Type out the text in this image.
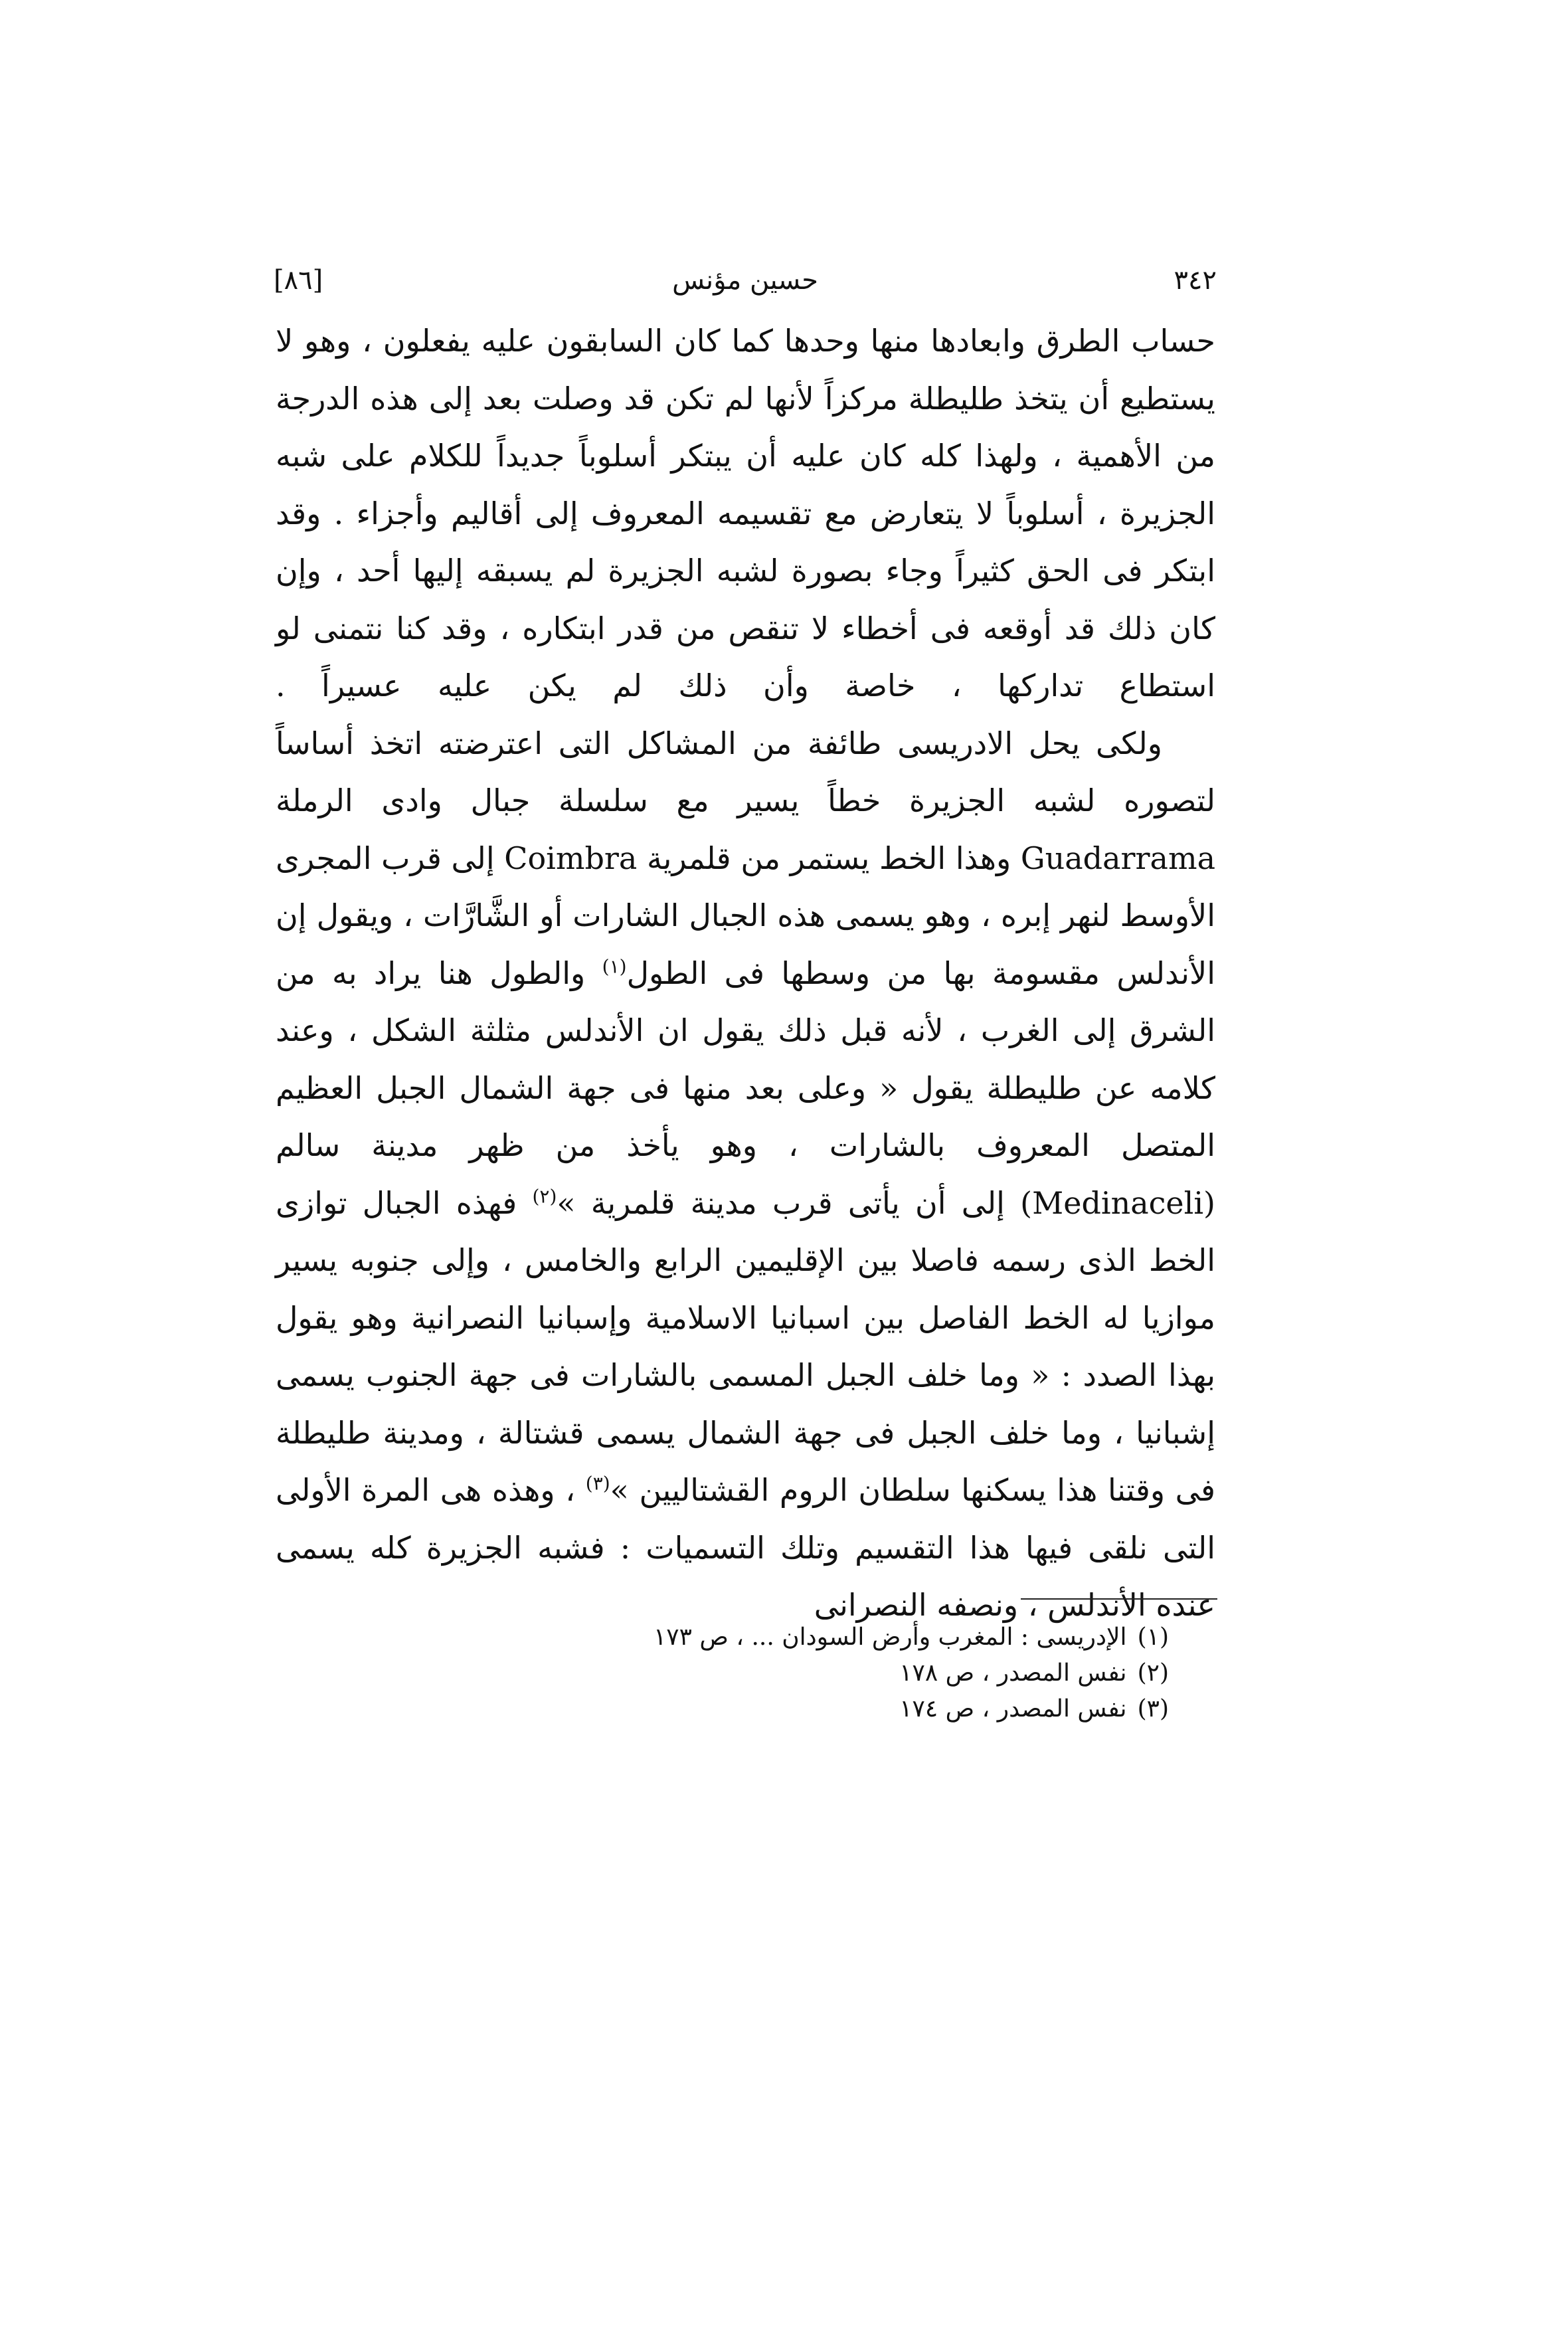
[٨٦]	حسين مؤنس	٣٤٢

حساب الطرق وابعادها منها وحدها كما كان السابقون عليه يفعلون ، وهو لا يستطيع أن يتخذ طليطلة مركزاً لأنها لم تكن قد وصلت بعد إلى هذه الدرجة من الأهمية ، ولهذا كله كان عليه أن يبتكر أسلوباً جديداً للكلام على شبه الجزيرة ، أسلوباً لا يتعارض مع تقسيمه المعروف إلى أقاليم وأجزاء . وقد ابتكر فى الحق كثيراً وجاء بصورة لشبه الجزيرة لم يسبقه إليها أحد ، وإن كان ذلك قد أوقعه فى أخطاء لا تنقص من قدر ابتكاره ، وقد كنا نتمنى لو استطاع تداركها ، خاصة وأن ذلك لم يكن عليه عسيراً .

ولكى يحل الادريسى طائفة من المشاكل التى اعترضته اتخذ أساساً لتصوره لشبه الجزيرة خطاً يسير مع سلسلة جبال وادى الرملة Guadarrama وهذا الخط يستمر من قلمرية Coimbra إلى قرب المجرى الأوسط لنهر إبره ، وهو يسمى هذه الجبال الشارات أو الشَّارَّات ، ويقول إن الأندلس مقسومة بها من وسطها فى الطول$^{(١)}$ والطول هنا يراد به من الشرق إلى الغرب ، لأنه قبل ذلك يقول ان الأندلس مثلثة الشكل ، وعند كلامه عن طليطلة يقول « وعلى بعد منها فى جهة الشمال الجبل العظيم المتصل المعروف بالشارات ، وهو يأخذ من ظهر مدينة سالم (Medinaceli) إلى أن يأتى قرب مدينة قلمرية »$^{(٢)}$ فهذه الجبال توازى الخط الذى رسمه فاصلا بين الإقليمين الرابع والخامس ، وإلى جنوبه يسير موازيا له الخط الفاصل بين اسبانيا الاسلامية وإسبانيا النصرانية وهو يقول بهذا الصدد : « وما خلف الجبل المسمى بالشارات فى جهة الجنوب يسمى إشبانيا ، وما خلف الجبل فى جهة الشمال يسمى قشتالة ، ومدينة طليطلة فى وقتنا هذا يسكنها سلطان الروم القشتاليين »$^{(٣)}$ ، وهذه هى المرة الأولى التى نلقى فيها هذا التقسيم وتلك التسميات : فشبه الجزيرة كله يسمى عنده الأندلس ، ونصفه النصرانى

(١)الإدريسى : المغرب وأرض السودان ... ، ص ١٧٣
(٢)نفس المصدر ، ص ١٧٨
(٣)نفس المصدر ، ص ١٧٤
